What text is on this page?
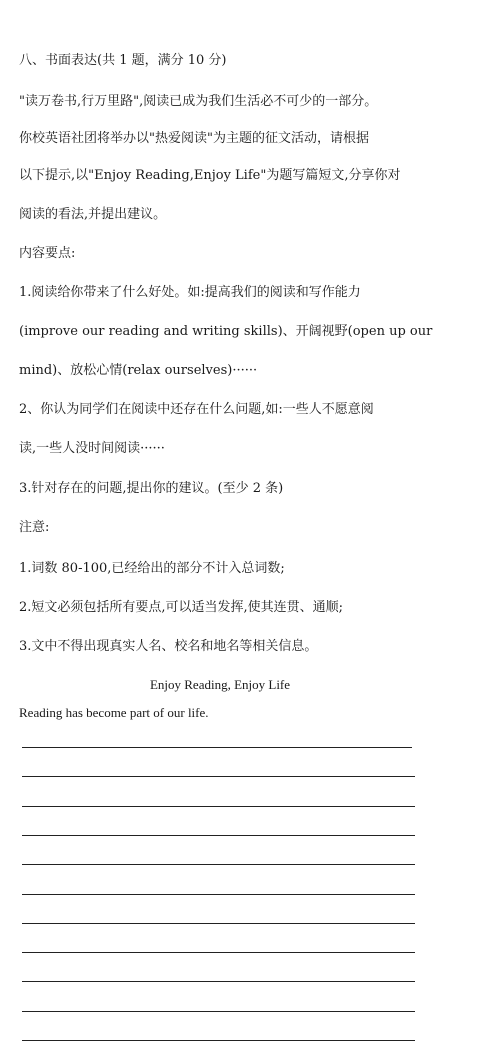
八、书面表达(共 1 题，满分 10 分)
"读万卷书,行万里路",阅读已成为我们生活必不可少的一部分。
你校英语社团将举办以"热爱阅读"为主题的征文活动，请根据
以下提示,以"Enjoy Reading,Enjoy Life"为题写篇短文,分享你对
阅读的看法,并提出建议。
内容要点:
1.阅读给你带来了什么好处。如:提高我们的阅读和写作能力
(improve our reading and writing skills)、开阔视野(open up our
mind)、放松心情(relax ourselves)······
2、你认为同学们在阅读中还存在什么问题,如:一些人不愿意阅
读,一些人没时间阅读······
3.针对存在的问题,提出你的建议。(至少 2 条)
注意:
1.词数 80-100,已经给出的部分不计入总词数;
2.短文必须包括所有要点,可以适当发挥,使其连贯、通顺;
3.文中不得出现真实人名、校名和地名等相关信息。
Enjoy Reading, Enjoy Life
Reading has become part of our life.
